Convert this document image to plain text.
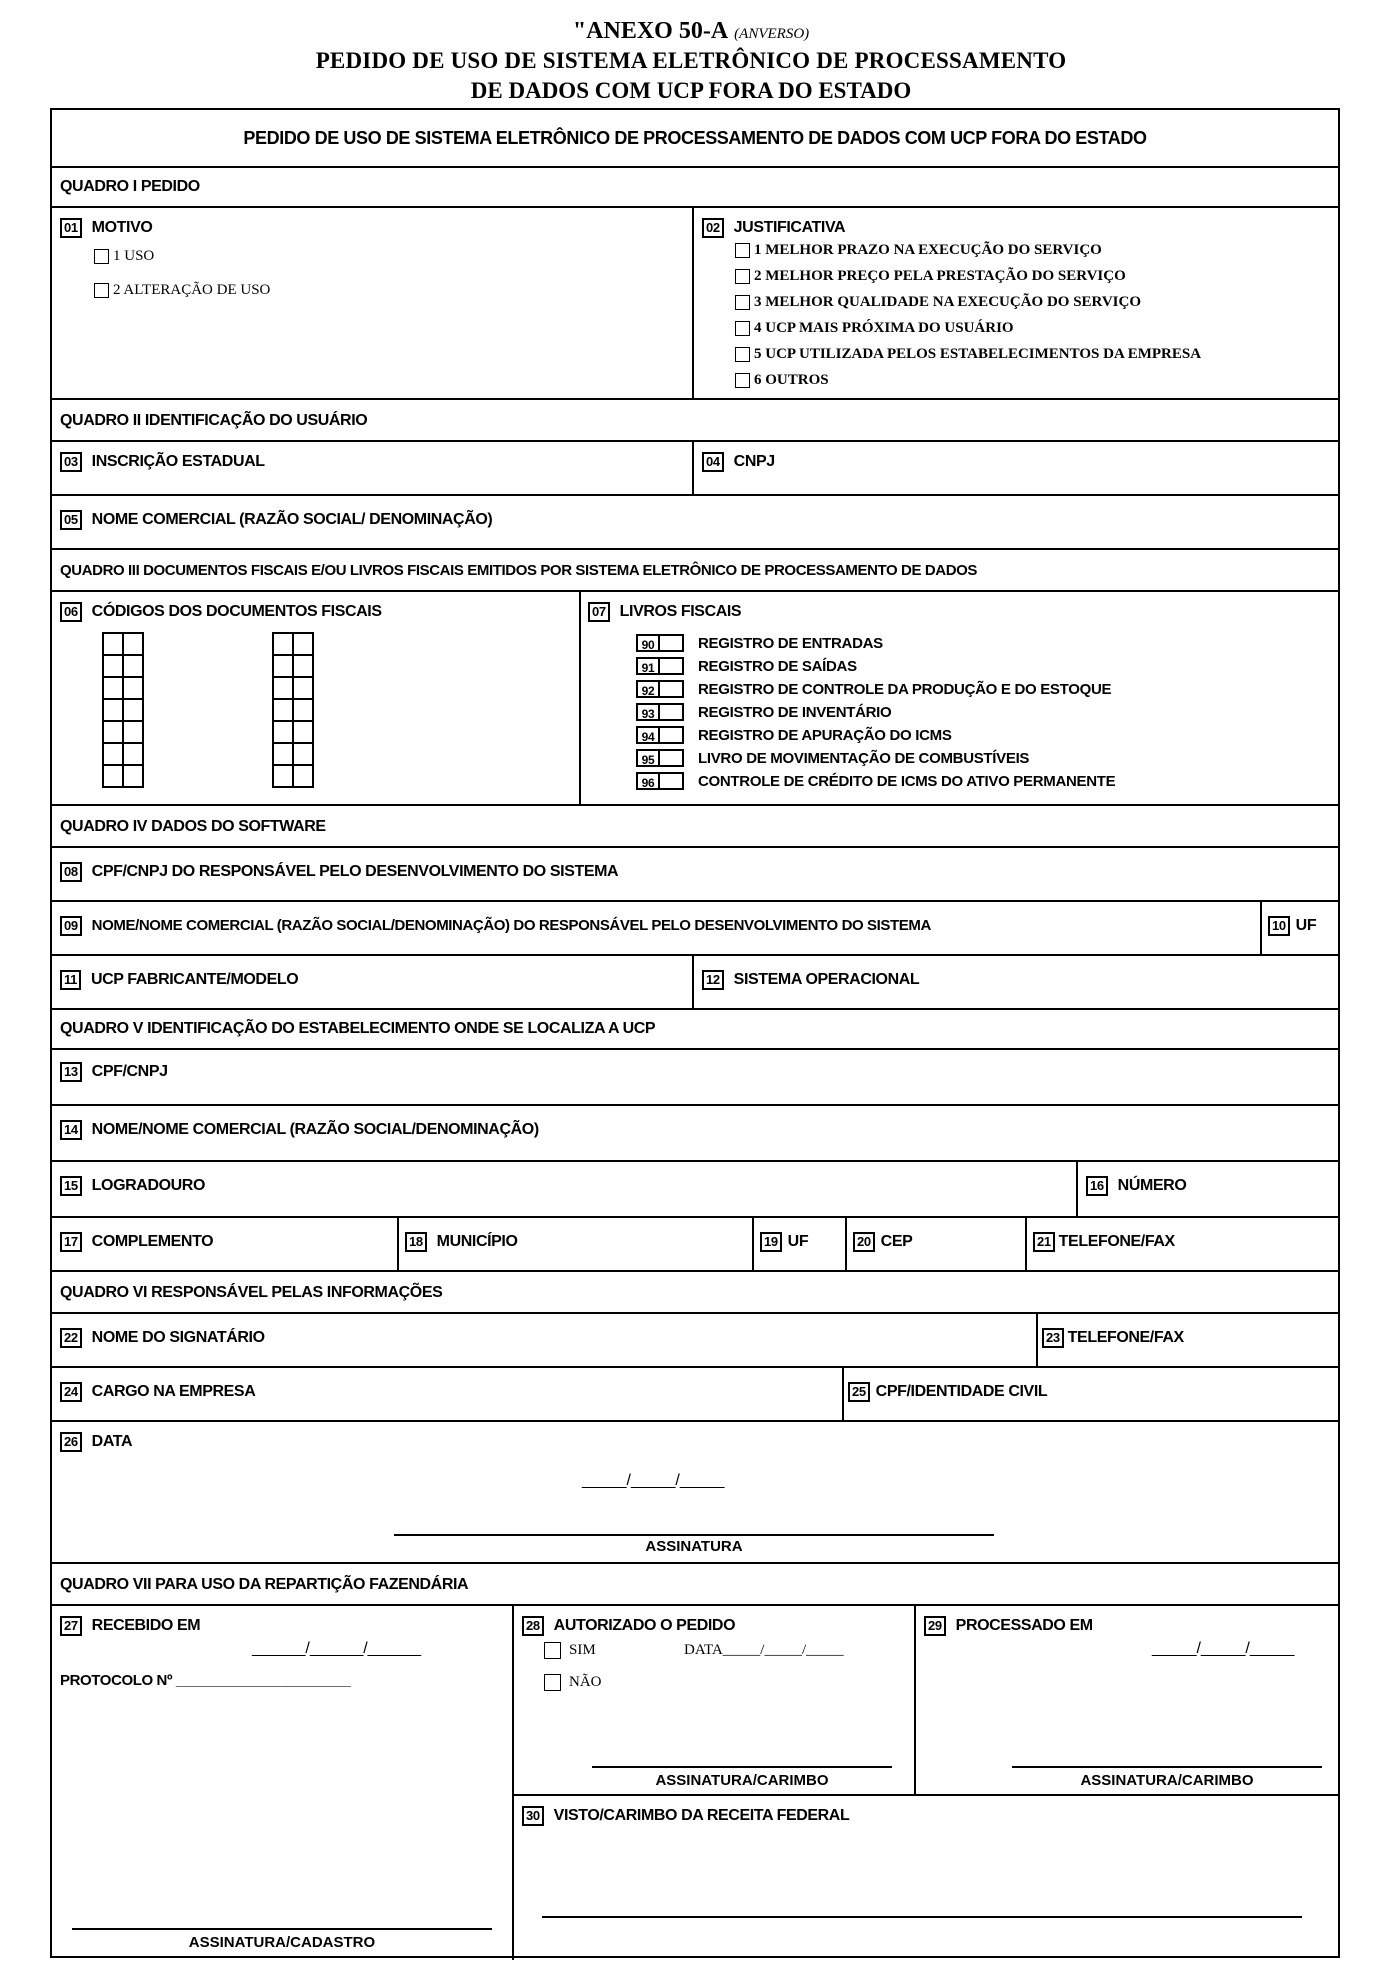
"ANEXO 50-A (ANVERSO)
PEDIDO DE USO DE SISTEMA ELETRÔNICO DE PROCESSAMENTO
DE DADOS COM UCP FORA DO ESTADO
PEDIDO DE USO DE SISTEMA ELETRÔNICO DE PROCESSAMENTO DE DADOS COM UCP FORA DO ESTADO
QUADRO I PEDIDO
01 MOTIVO
1 USO
2 ALTERAÇÃO DE USO
02 JUSTIFICATIVA
1 MELHOR PRAZO NA EXECUÇÃO DO SERVIÇO
2 MELHOR PREÇO PELA PRESTAÇÃO DO SERVIÇO
3 MELHOR QUALIDADE NA EXECUÇÃO DO SERVIÇO
4 UCP MAIS PRÓXIMA DO USUÁRIO
5 UCP UTILIZADA PELOS ESTABELECIMENTOS DA EMPRESA
6 OUTROS
QUADRO II IDENTIFICAÇÃO DO USUÁRIO
03 INSCRIÇÃO ESTADUAL	04 CNPJ
05 NOME COMERCIAL (RAZÃO SOCIAL/ DENOMINAÇÃO)
QUADRO III DOCUMENTOS FISCAIS E/OU LIVROS FISCAIS EMITIDOS POR SISTEMA ELETRÔNICO DE PROCESSAMENTO DE DADOS
06 CÓDIGOS DOS DOCUMENTOS FISCAIS

		07 LIVROS FISCAIS
90	REGISTRO DE ENTRADAS
91	REGISTRO DE SAÍDAS
92	REGISTRO DE CONTROLE DA PRODUÇÃO E DO ESTOQUE
93	REGISTRO DE INVENTÁRIO
94	REGISTRO DE APURAÇÃO DO ICMS
95	LIVRO DE MOVIMENTAÇÃO DE COMBUSTÍVEIS
96	CONTROLE DE CRÉDITO DE ICMS DO ATIVO PERMANENTE
QUADRO IV DADOS DO SOFTWARE
08 CPF/CNPJ DO RESPONSÁVEL PELO DESENVOLVIMENTO DO SISTEMA
09 NOME/NOME COMERCIAL (RAZÃO SOCIAL/DENOMINAÇÃO) DO RESPONSÁVEL PELO DESENVOLVIMENTO DO SISTEMA	10 UF
11 UCP FABRICANTE/MODELO	12 SISTEMA OPERACIONAL
QUADRO V IDENTIFICAÇÃO DO ESTABELECIMENTO ONDE SE LOCALIZA A UCP
13 CPF/CNPJ
14 NOME/NOME COMERCIAL (RAZÃO SOCIAL/DENOMINAÇÃO)
15 LOGRADOURO	16 NÚMERO
17 COMPLEMENTO	18 MUNICÍPIO	19 UF	20 CEP	21 TELEFONE/FAX
QUADRO VI RESPONSÁVEL PELAS INFORMAÇÕES
22 NOME DO SIGNATÁRIO	23 TELEFONE/FAX
24 CARGO NA EMPRESA	25 CPF/IDENTIDADE CIVIL
26 DATA
_____/_____/_____
ASSINATURA
QUADRO VII PARA USO DA REPARTIÇÃO FAZENDÁRIA
27 RECEBIDO EM
______/______/______
PROTOCOLO Nº ______________________
ASSINATURA/CADASTRO
28 AUTORIZADO O PEDIDO
SIM	DATA_____/_____/_____
NÃO
ASSINATURA/CARIMBO
29 PROCESSADO EM
_____/_____/_____
ASSINATURA/CARIMBO
30 VISTO/CARIMBO DA RECEITA FEDERAL
